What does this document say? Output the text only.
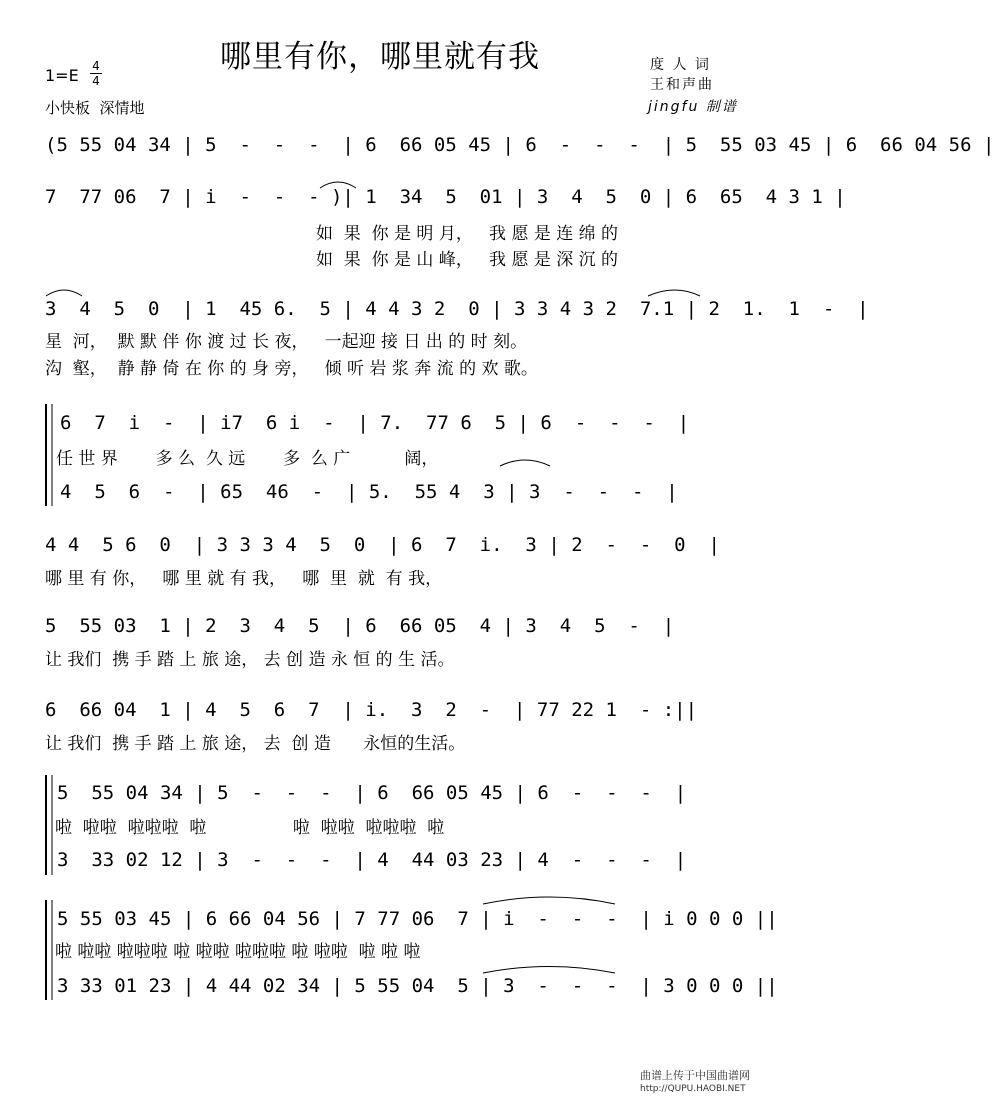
哪里有你，哪里就有我
1=E 4
4
小快板  深情地
度 人 词
王和声曲
jingfu 制谱
(5 55 04 34 | 5  -  -  -  | 6  66 05 45 | 6  -  -  -  | 5  55 03 45 | 6  66 04 56 |
7  77 06  7 | i  -  -  - )| 1  34  5  01 | 3  4  5  0 | 6  65  4 3 1 |
如  果  你 是 明 月，   我 愿 是 连 绵 的
如  果  你 是 山 峰，   我 愿 是 深 沉 的
3  4  5  0  | 1  45 6.  5 | 4 4 3 2  0 | 3 3 4 3 2  7.1 | 2  1.  1  -  |
星  河，  默 默 伴 你 渡 过 长 夜，   一起迎 接 日 出 的 时 刻。
沟  壑，  静 静 倚 在 你 的 身 旁，   倾 听 岩 浆 奔 流 的 欢 歌。
6  7  i  -  | i7  6 i  -  | 7.  77 6  5 | 6  -  -  -  |
任 世 界       多 么  久 远       多  么 广          阔，
4  5  6  -  | 65  46  -  | 5.  55 4  3 | 3  -  -  -  |
4 4  5 6  0  | 3 3 3 4  5  0  | 6  7  i.  3 | 2  -  -  0  |
哪 里 有 你，   哪 里 就 有 我，   哪  里  就  有 我，
5  55 03  1 | 2  3  4  5  | 6  66 05  4 | 3  4  5  -  |
让 我们  携 手 踏 上 旅 途， 去 创 造 永 恒 的 生 活。
6  66 04  1 | 4  5  6  7  | i.  3  2  -  | 77 22 1  - :||
让 我们  携 手 踏 上 旅 途， 去  创 造      永恒的生活。
5  55 04 34 | 5  -  -  -  | 6  66 05 45 | 6  -  -  -  |
啦  啦啦  啦啦啦  啦                啦  啦啦  啦啦啦  啦
3  33 02 12 | 3  -  -  -  | 4  44 03 23 | 4  -  -  -  |
5 55 03 45 | 6 66 04 56 | 7 77 06  7 | i  -  -  -  | i 0 0 0 ||
啦 啦啦 啦啦啦 啦 啦啦 啦啦啦 啦 啦啦  啦 啦 啦
3 33 01 23 | 4 44 02 34 | 5 55 04  5 | 3  -  -  -  | 3 0 0 0 ||
曲谱上传于中国曲谱网
http://QUPU.HAOBI.NET
